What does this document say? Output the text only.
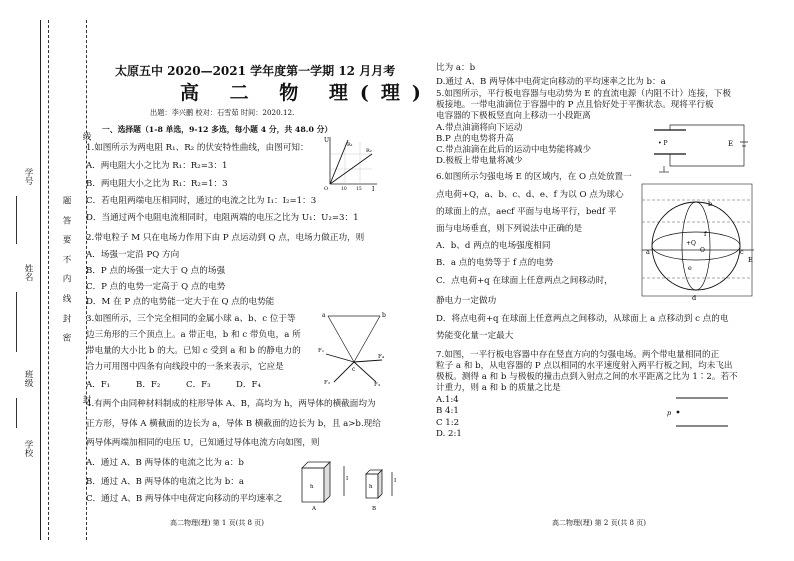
线
封
学号
姓名
班级
学校
题
答
要
不
内
线
封
密
太原五中 2020—2021 学年度第一学期 12 月月考
高 二 物 理(理)
出题：李兴鹏 校对：石雪茹 时间：2020.12.
一、选择题（1-8 单选，9-12 多选，每小题 4 分，共 48.0 分）
1.如图所示为两电阻 R₁、R₂ 的伏安特性曲线，由图可知：
A．两电阻大小之比为 R₁：R₂=3：1
B．两电阻大小之比为 R₁：R₂=1：3
C．若电阻两端电压相同时，通过的电流之比为 I₁：I₂=1：3
D．当通过两个电阻电流相同时，电阻两端的电压之比为 U₁：U₂=3：1
U
I
R₁
R₂
O	10 15
2.带电粒子 M 只在电场力作用下由 P 点运动到 Q 点，电场力做正功，则
A．场强一定沿 PQ 方向
B．P 点的场强一定大于 Q 点的场强
C．P 点的电势一定高于 Q 点的电势
D．M 在 P 点的电势能一定大于在 Q 点的电势能
3.如图所示，三个完全相同的金属小球 a、b、c 位于等
边三角形的三个顶点上。a 带正电，b 和 c 带负电，a 所
带电量的大小比 b 的大。已知 c 受到 a 和 b 的静电力的
合力可用图中四条有向线段中的一条来表示，它应是
A．F₁	B．F₂	C．F₃	D．F₄
a	b
c
F₁
F₂	F₃
F₄
4.有两个由同种材料制成的柱形导体 A、B，高均为 h，两导体的横截面均为
正方形，导体 A 横截面的边长为 a，导体 B 横截面的边长为 b，且 a>b.现给
两导体两端加相同的电压 U，已知通过导体电流方向如图，则
A．通过 A、B 两导体的电流之比为 a：b
B．通过 A、B 两导体的电流之比为 b：a
C．通过 A、B 两导体中电荷定向移动的平均速率之
h	h
I	I
A	B
高二物理(理) 第 1 页(共 8 页)
比为 a：b
D.通过 A、B 两导体中电荷定向移动的平均速率之比为 b：a
5.如图所示，平行板电容器与电动势为 E 的直流电源（内阻不计）连接，下极
板接地。一带电油滴位于容器中的 P 点且恰好处于平衡状态。现将平行板
电容器的下极板竖直向上移动一小段距离
A.带点油滴将向下运动
B.P 点的电势将升高
C.带点油滴在此后的运动中电势能将减少
D.极板上带电量将减少
• P	E
6.如图所示匀强电场 E 的区域内，在 O 点处放置一
点电荷+Q，a、b、c、d、e、f 为以 O 点为球心
的球面上的点，aecf 平面与电场平行，bedf 平
面与电场垂直，则下列说法中正确的是
A．b、d 两点的电场强度相同
B．a 点的电势等于 f 点的电势
C．点电荷+q 在球面上任意两点之间移动时，
静电力一定做功
D．将点电荷+q 在球面上任意两点之间移动，从球面上 a 点移动到 c 点的电
势能变化量一定最大
b
a	c
d
e
f
+Q
O
E
7.如图，一平行板电容器中存在竖直方向的匀强电场。两个带电量相同的正
粒子 a 和 b，从电容器的 P 点以相同的水平速度射入两平行板之间，均未飞出
极板。测得 a 和 b 与极板的撞击点到入射点之间的水平距离之比为 1∶2。若不
计重力，则 a 和 b 的质量之比是
A.1:4
B 4:1
C 1:2
D. 2:1
p
高二物理(理) 第 2 页(共 8 页)
